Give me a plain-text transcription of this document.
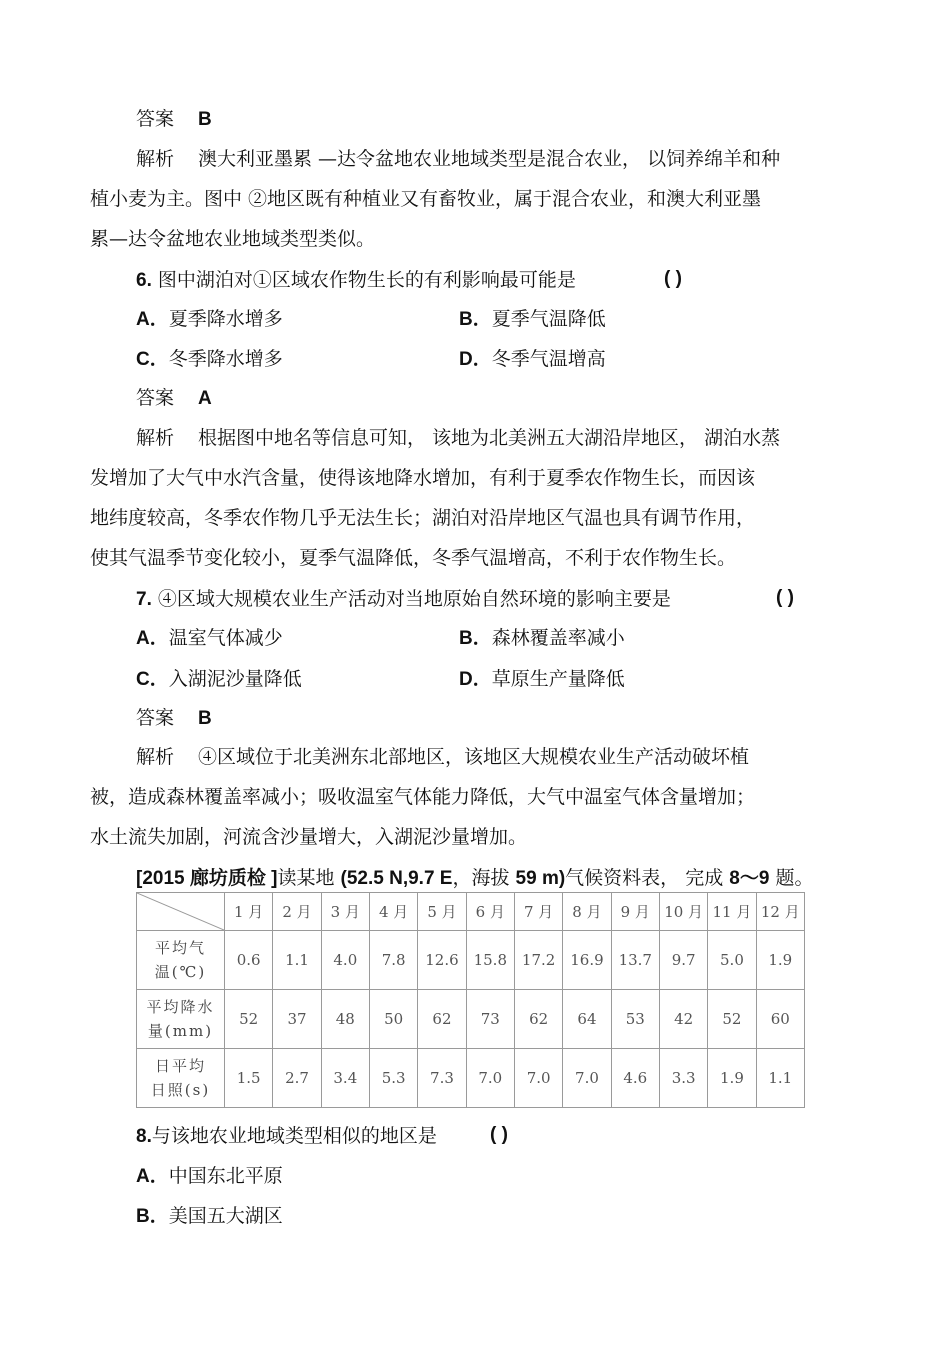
答案 B
解析 澳大利亚墨累 —达令盆地农业地域类型是混合农业， 以饲养绵羊和种
植小麦为主。图中 ②地区既有种植业又有畜牧业，属于混合农业，和澳大利亚墨
累—达令盆地农业地域类型类似。
6. 图中湖泊对①区域农作物生长的有利影响最可能是	( )
A．夏季降水增多	B．夏季气温降低
C．冬季降水增多	D．冬季气温增高
答案 A
解析 根据图中地名等信息可知， 该地为北美洲五大湖沿岸地区， 湖泊水蒸
发增加了大气中水汽含量，使得该地降水增加，有利于夏季农作物生长，而因该
地纬度较高，冬季农作物几乎无法生长；湖泊对沿岸地区气温也具有调节作用，
使其气温季节变化较小，夏季气温降低，冬季气温增高，不利于农作物生长。
7. ④区域大规模农业生产活动对当地原始自然环境的影响主要是	( )
A．温室气体减少	B．森林覆盖率减小
C．入湖泥沙量降低	D．草原生产量降低
答案 B
解析 ④区域位于北美洲东北部地区，该地区大规模农业生产活动破坏植
被，造成森林覆盖率减小；吸收温室气体能力降低，大气中温室气体含量增加；
水土流失加剧，河流含沙量增大，入湖泥沙量增加。
[2015 廊坊质检 ]读某地 (52.5 N,9.7 E，海拔 59 m)气候资料表， 完成 8～9 题。
	1 月	2 月	3 月	4 月	5 月	6 月	7 月	8 月	9 月	10 月	11 月	12 月
平均气
温(℃)	0.6	1.1	4.0	7.8	12.6	15.8	17.2	16.9	13.7	9.7	5.0	1.9
平均降水
量(mm)	52	37	48	50	62	73	62	64	53	42	52	60
日平均
日照(s)	1.5	2.7	3.4	5.3	7.3	7.0	7.0	7.0	4.6	3.3	1.9	1.1
8.与该地农业地域类型相似的地区是	( )
A．中国东北平原
B．美国五大湖区
